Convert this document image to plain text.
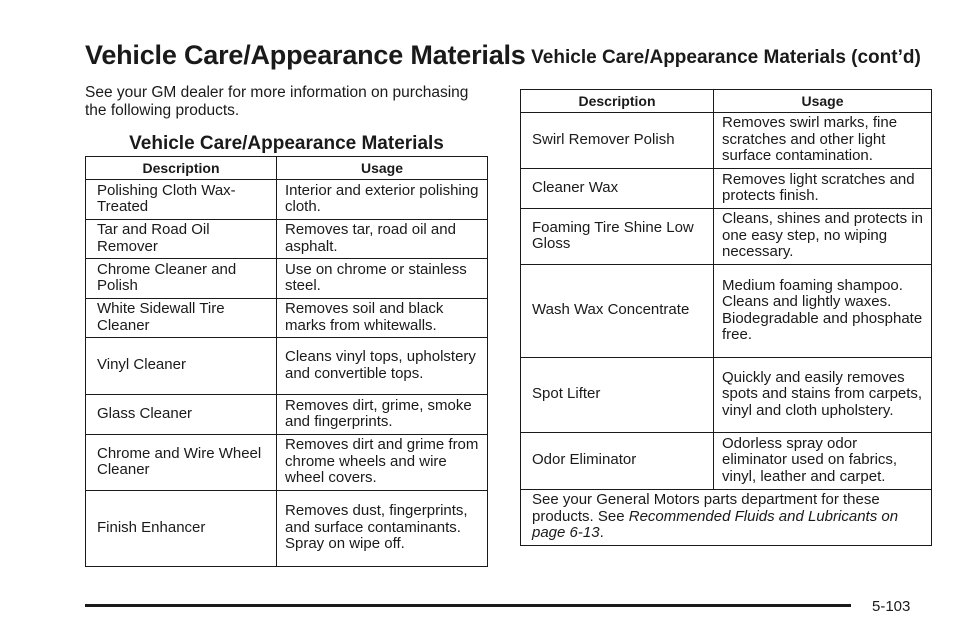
Vehicle Care/Appearance Materials
See your GM dealer for more information on purchasing the following products.
Vehicle Care/Appearance Materials
Description	Usage
Polishing Cloth Wax-Treated	Interior and exterior polishing cloth.
Tar and Road Oil Remover	Removes tar, road oil and asphalt.
Chrome Cleaner and Polish	Use on chrome or stainless steel.
White Sidewall Tire Cleaner	Removes soil and black marks from whitewalls.
Vinyl Cleaner	Cleans vinyl tops, upholstery and convertible tops.
Glass Cleaner	Removes dirt, grime, smoke and fingerprints.
Chrome and Wire Wheel Cleaner	Removes dirt and grime from chrome wheels and wire wheel covers.
Finish Enhancer	Removes dust, fingerprints, and surface contaminants. Spray on wipe off.
Vehicle Care/Appearance Materials (cont’d)
Description	Usage
Swirl Remover Polish	Removes swirl marks, fine scratches and other light surface contamination.
Cleaner Wax	Removes light scratches and protects finish.
Foaming Tire Shine Low Gloss	Cleans, shines and protects in one easy step, no wiping necessary.
Wash Wax Concentrate	Medium foaming shampoo. Cleans and lightly waxes. Biodegradable and phosphate free.
Spot Lifter	Quickly and easily removes spots and stains from carpets, vinyl and cloth upholstery.
Odor Eliminator	Odorless spray odor eliminator used on fabrics, vinyl, leather and carpet.
See your General Motors parts department for these products. See Recommended Fluids and Lubricants on page 6-13.	
5-103
